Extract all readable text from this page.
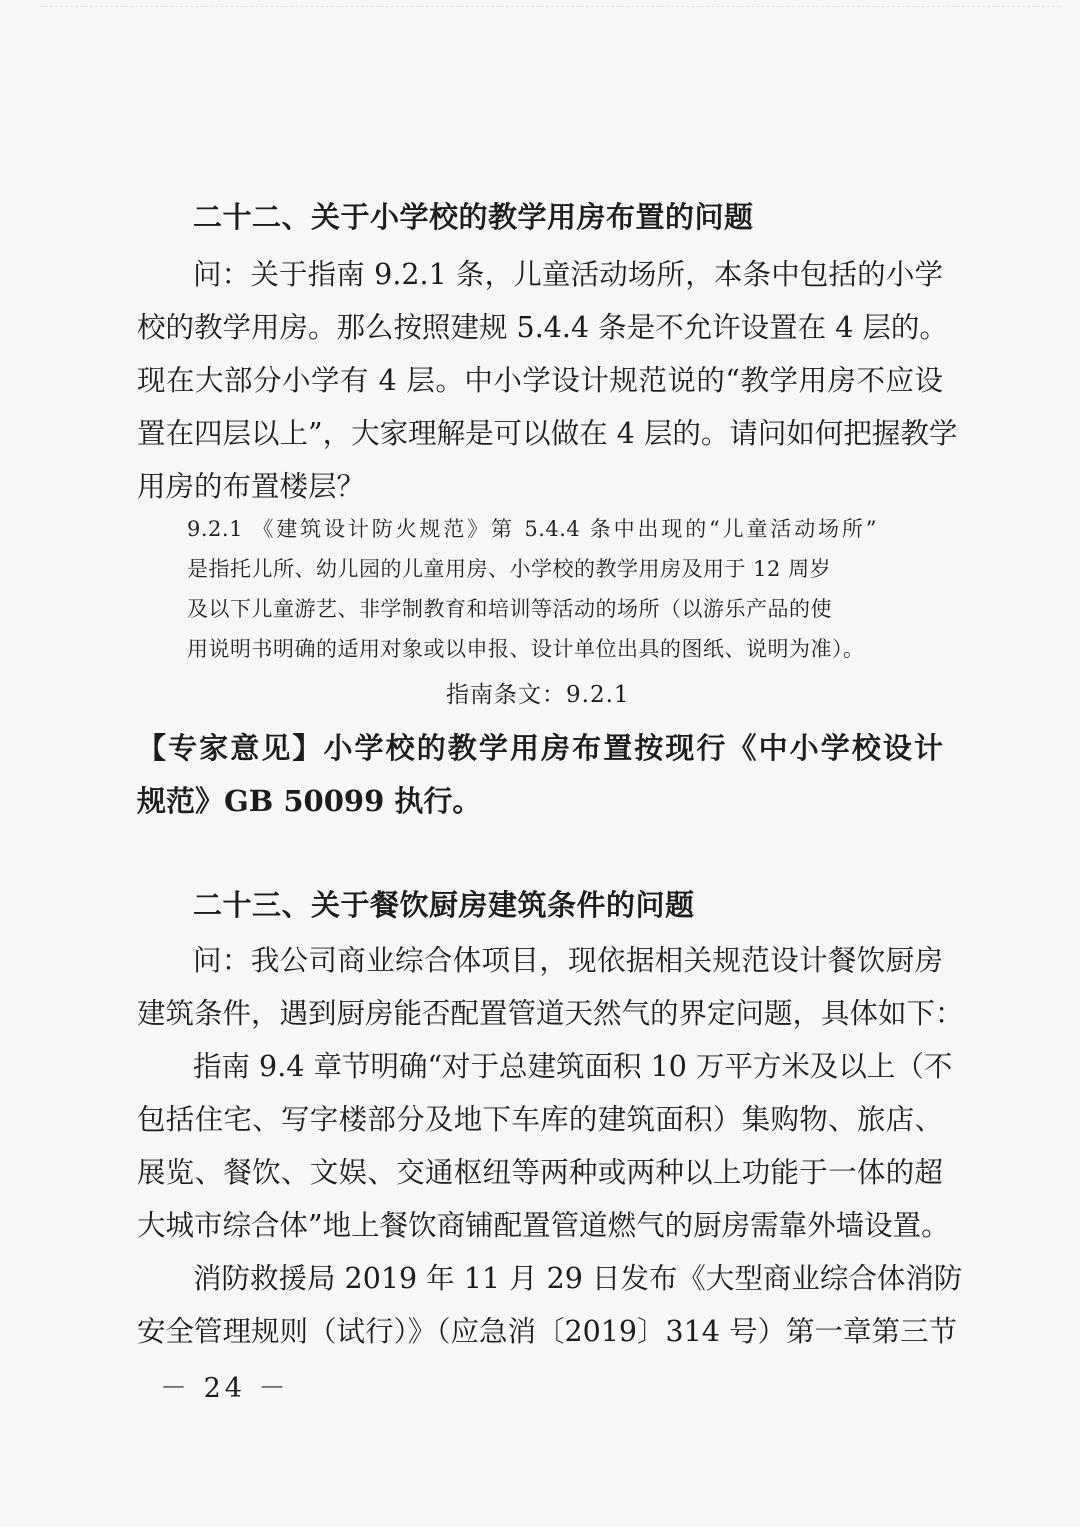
二十二、关于小学校的教学用房布置的问题
问：关于指南 9.2.1 条，儿童活动场所，本条中包括的小学
校的教学用房。那么按照建规 5.4.4 条是不允许设置在 4 层的。
现在大部分小学有 4 层。中小学设计规范说的“教学用房不应设
置在四层以上”，大家理解是可以做在 4 层的。请问如何把握教学
用房的布置楼层？
9.2.1 《建筑设计防火规范》第 5.4.4 条中出现的“儿童活动场所”
是指托儿所、幼儿园的儿童用房、小学校的教学用房及用于 12 周岁
及以下儿童游艺、非学制教育和培训等活动的场所（以游乐产品的使
用说明书明确的适用对象或以申报、设计单位出具的图纸、说明为准）。
指南条文：9.2.1
【专家意见】小学校的教学用房布置按现行《中小学校设计
规范》GB 50099 执行。
二十三、关于餐饮厨房建筑条件的问题
问：我公司商业综合体项目，现依据相关规范设计餐饮厨房
建筑条件，遇到厨房能否配置管道天然气的界定问题，具体如下：
指南 9.4 章节明确“对于总建筑面积 10 万平方米及以上（不
包括住宅、写字楼部分及地下车库的建筑面积）集购物、旅店、
展览、餐饮、文娱、交通枢纽等两种或两种以上功能于一体的超
大城市综合体”地上餐饮商铺配置管道燃气的厨房需靠外墙设置。
消防救援局 2019 年 11 月 29 日发布《大型商业综合体消防
安全管理规则（试行）》（应急消〔2019〕314 号）第一章第三节
－ 24 －
